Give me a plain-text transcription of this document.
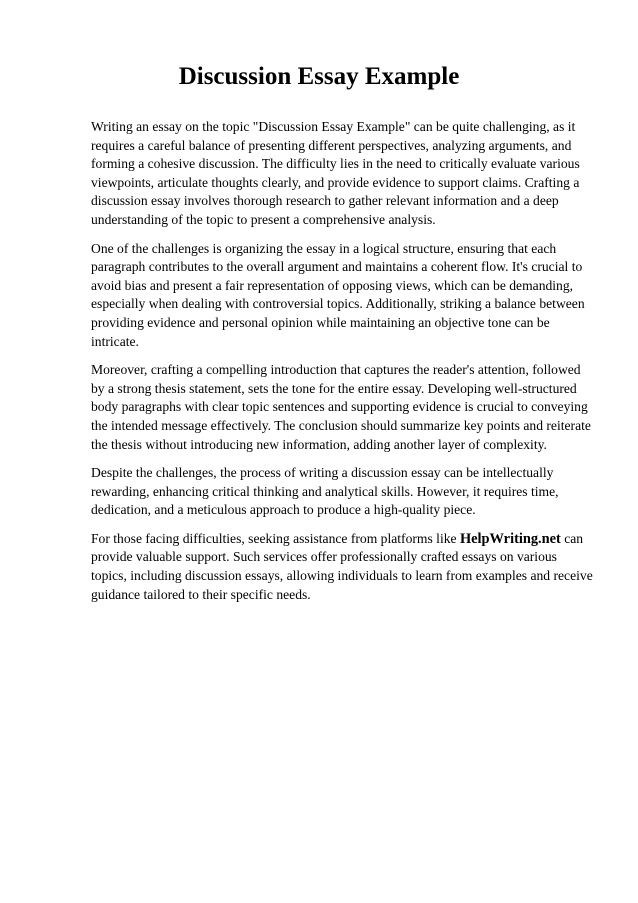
Discussion Essay Example

Writing an essay on the topic "Discussion Essay Example" can be quite challenging, as it requires a careful balance of presenting different perspectives, analyzing arguments, and forming a cohesive discussion. The difficulty lies in the need to critically evaluate various viewpoints, articulate thoughts clearly, and provide evidence to support claims. Crafting a discussion essay involves thorough research to gather relevant information and a deep understanding of the topic to present a comprehensive analysis.

One of the challenges is organizing the essay in a logical structure, ensuring that each paragraph contributes to the overall argument and maintains a coherent flow. It's crucial to avoid bias and present a fair representation of opposing views, which can be demanding, especially when dealing with controversial topics. Additionally, striking a balance between providing evidence and personal opinion while maintaining an objective tone can be intricate.

Moreover, crafting a compelling introduction that captures the reader's attention, followed by a strong thesis statement, sets the tone for the entire essay. Developing well-structured body paragraphs with clear topic sentences and supporting evidence is crucial to conveying the intended message effectively. The conclusion should summarize key points and reiterate the thesis without introducing new information, adding another layer of complexity.

Despite the challenges, the process of writing a discussion essay can be intellectually rewarding, enhancing critical thinking and analytical skills. However, it requires time, dedication, and a meticulous approach to produce a high-quality piece.

For those facing difficulties, seeking assistance from platforms like HelpWriting.net can provide valuable support. Such services offer professionally crafted essays on various topics, including discussion essays, allowing individuals to learn from examples and receive guidance tailored to their specific needs.
